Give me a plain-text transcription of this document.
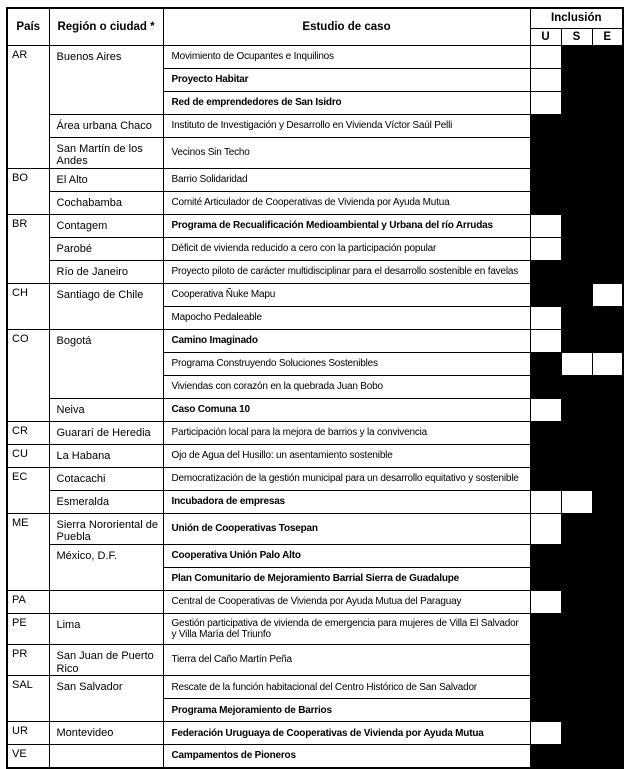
País	Región o ciudad *	Estudio de caso	Inclusión		
			U	S	E
AR	Buenos Aires	Movimiento de Ocupantes e Inquilinos			
		Proyecto Habitar			
		Red de emprendedores de San Isidro			
	Área urbana Chaco	Instituto de Investigación y Desarrollo en Vivienda Víctor Saúl Pelli			
	San Martín de los Andes	Vecinos Sin Techo			
BO	El Alto	Barrio Solidaridad			
	Cochabamba	Comité Articulador de Cooperativas de Vivienda por Ayuda Mutua			
BR	Contagem	Programa de Recualificación Medioambiental y Urbana del río Arrudas			
	Parobé	Déficit de vivienda reducido a cero con la participación popular			
	Río de Janeiro	Proyecto piloto de carácter multidisciplinar para el desarrollo sostenible en favelas			
CH	Santiago de Chile	Cooperativa Ñuke Mapu			
		Mapocho Pedaleable			
CO	Bogotá	Camino Imaginado			
		Programa Construyendo Soluciones Sostenibles			
		Viviendas con corazón en la quebrada Juan Bobo			
	Neiva	Caso Comuna 10			
CR	Guararí de Heredia	Participación local para la mejora de barrios y la convivencia			
CU	La Habana	Ojo de Agua del Husillo: un asentamiento sostenible			
EC	Cotacachi	Democratización de la gestión municipal para un desarrollo equitativo y sostenible			
	Esmeralda	Incubadora de empresas			
ME	Sierra Nororiental de Puebla	Unión de Cooperativas Tosepan			
	México, D.F.	Cooperativa Unión Palo Alto			
		Plan Comunitario de Mejoramiento Barrial Sierra de Guadalupe			
PA		Central de Cooperativas de Vivienda por Ayuda Mutua del Paraguay			
PE	Lima	Gestión participativa de vivienda de emergencia para mujeres de Villa El Salvador y Villa María del Triunfo			
PR	San Juan de Puerto Rico	Tierra del Caño Martín Peña			
SAL	San Salvador	Rescate de la función habitacional del Centro Histórico de San Salvador			
		Programa Mejoramiento de Barrios			
UR	Montevideo	Federación Uruguaya de Cooperativas de Vivienda por Ayuda Mutua			
VE		Campamentos de Pioneros			
